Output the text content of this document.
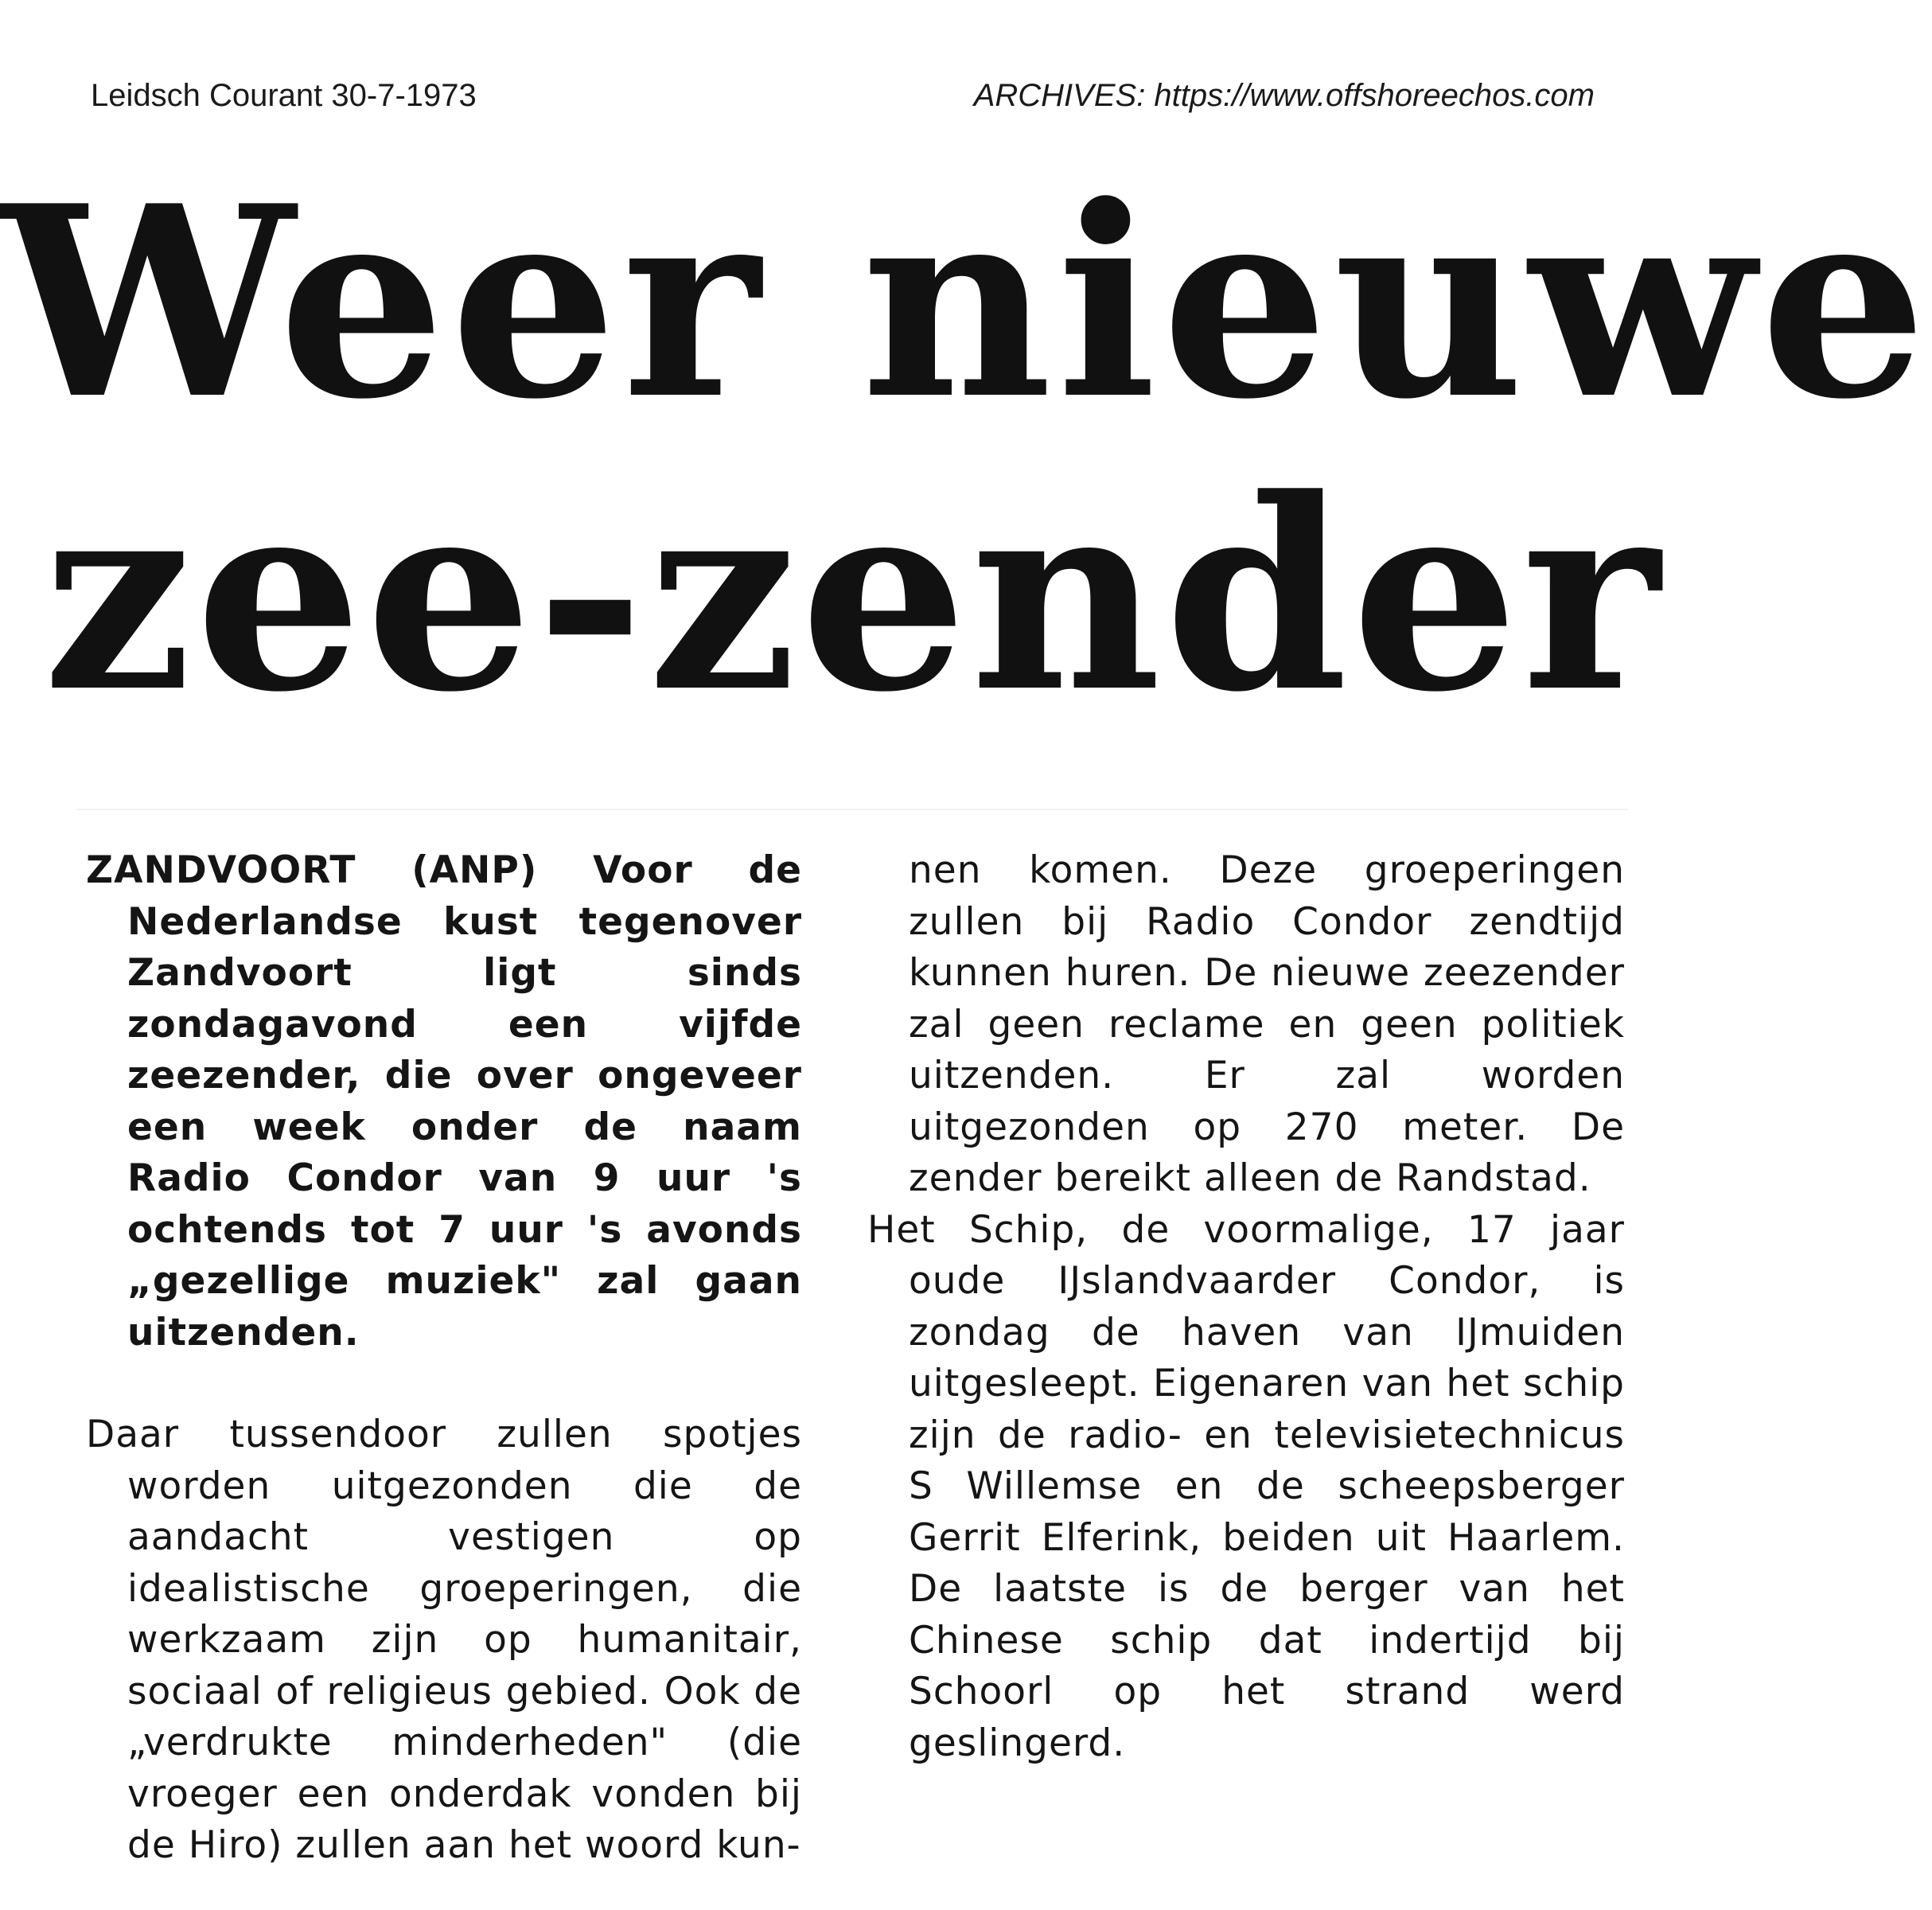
Leidsch Courant 30-7-1973	ARCHIVES: https://www.offshoreechos.com
Weer nieuwe
zee-zender

ZANDVOORT (ANP) Voor de Nederlandse kust tegenover Zandvoort ligt sinds zondagavond een vijfde zeezender, die over ongeveer een week onder de naam Radio Condor van 9 uur 's ochtends tot 7 uur 's avonds „gezellige muziek" zal gaan uitzenden.

Daar tussendoor zullen spotjes worden uitgezonden die de aandacht vestigen op idealistische groeperingen, die werkzaam zijn op humanitair, sociaal of religieus gebied. Ook de „verdrukte minderheden" (die vroeger een onderdak vonden bij de Hiro) zullen aan het woord kun-

nen komen. Deze groeperingen zullen bij Radio Condor zendtijd kunnen huren. De nieuwe zeezender zal geen reclame en geen politiek uitzenden. Er zal worden uitgezonden op 270 meter. De zender bereikt alleen de Randstad.

Het Schip, de voormalige, 17 jaar oude IJslandvaarder Condor, is zondag de haven van IJmuiden uitgesleept. Eigenaren van het schip zijn de radio- en televisietechnicus S Willemse en de scheepsberger Gerrit Elferink, beiden uit Haarlem. De laatste is de berger van het Chinese schip dat indertijd bij Schoorl op het strand werd geslingerd.
